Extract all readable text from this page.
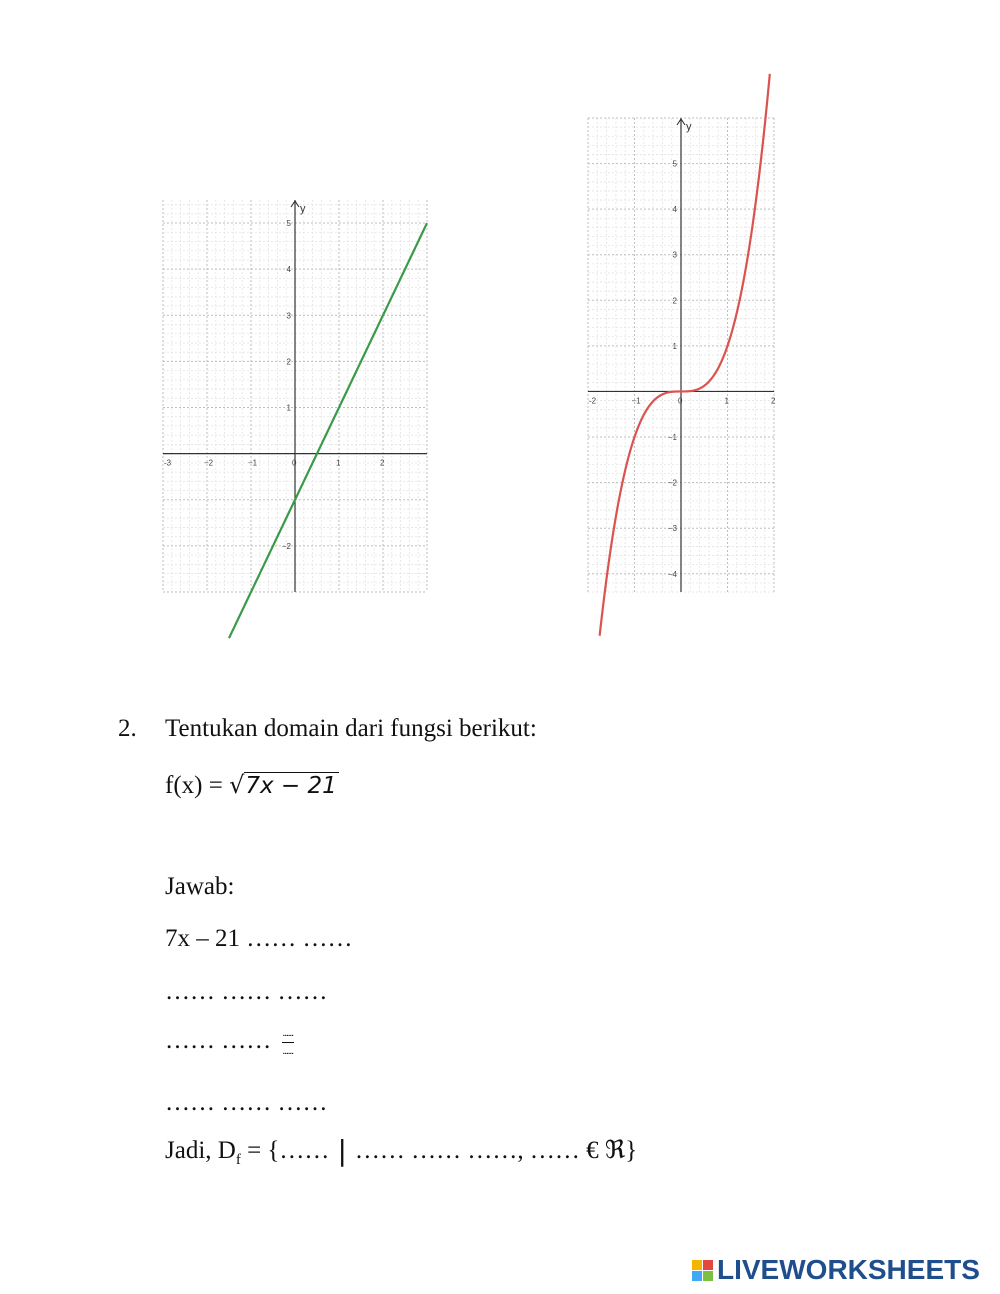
y
-3	−2	−1	0	1	2
5
4
3
2
1
−2
y
-2	−1	0	1	2
5
4
3
2
1
−1
−2
−3
−4
2. Tentukan domain dari fungsi berikut:
f(x) = √7x − 21
Jawab:
7x – 21 …… ……
…… …… ……
…… …… $\frac{......}{......}$
…… …… ……
Jadi, $D_f$ = {…… | …… …… ……, …… € ℜ}
LIVEWORKSHEETS
